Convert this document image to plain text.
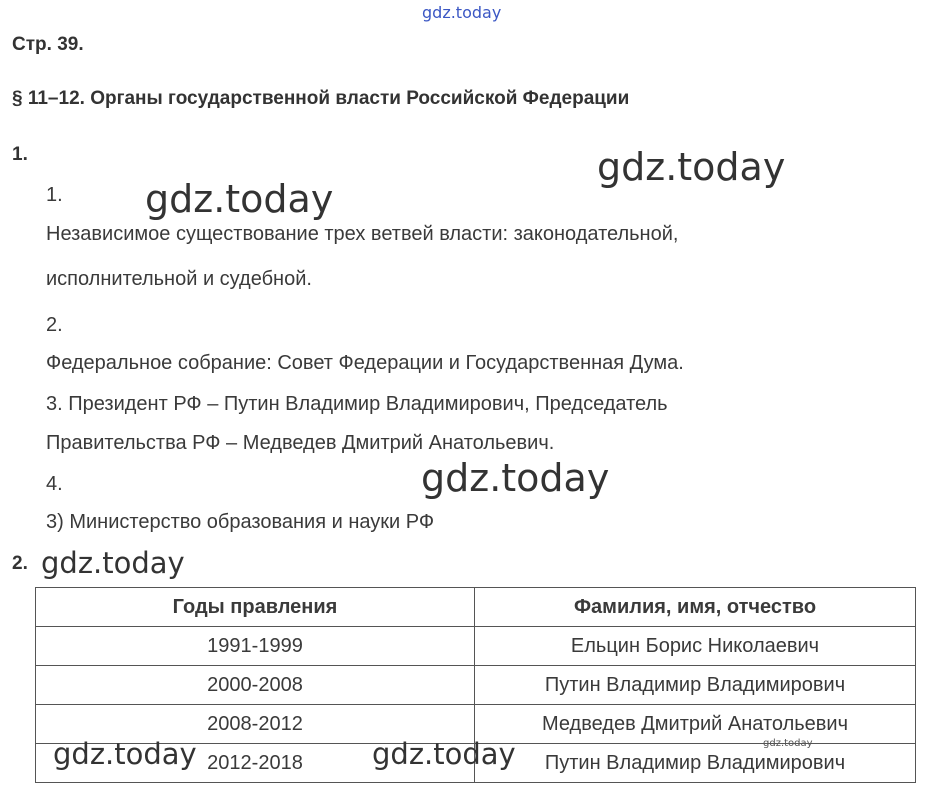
gdz.today
gdz.today
gdz.today
gdz.today
gdz.today
Стр. 39.
§ 11–12. Органы государственной власти Российской Федерации
1.
1.
Независимое существование трех ветвей власти: законодательной,
исполнительной и судебной.
2.
Федеральное собрание: Совет Федерации и Государственная Дума.
3. Президент РФ – Путин Владимир Владимирович, Председатель
Правительства РФ – Медведев Дмитрий Анатольевич.
4.
3) Министерство образования и науки РФ
2.
Годы правления	Фамилия, имя, отчество
1991-1999	Ельцин Борис Николаевич
2000-2008	Путин Владимир Владимирович
2008-2012	Медведев Дмитрий Анатольевич
2012-2018	Путин Владимир Владимирович
gdz.today	gdz.today	gdz.today
